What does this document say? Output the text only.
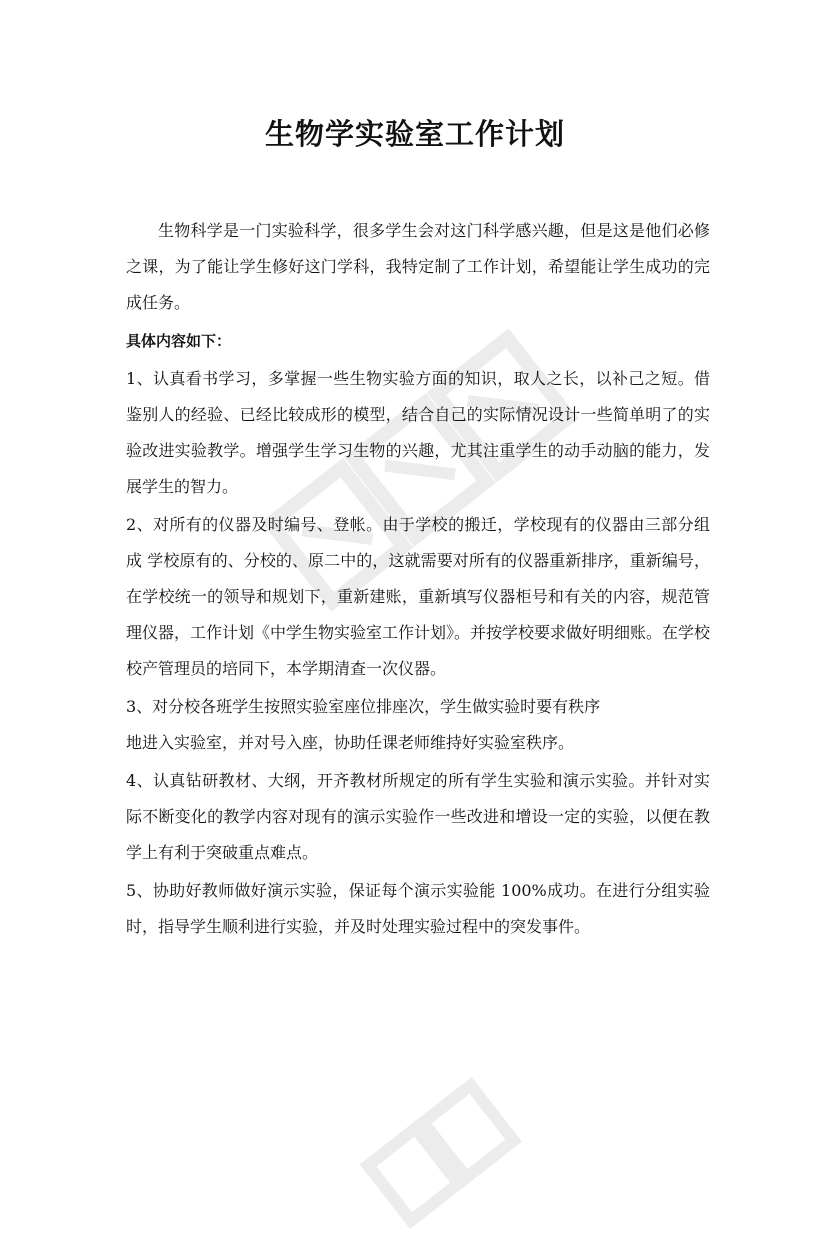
生物学实验室工作计划

生物科学是一门实验科学，很多学生会对这门科学感兴趣，但是这是他们必修之课，为了能让学生修好这门学科，我特定制了工作计划，希望能让学生成功的完成任务。

具体内容如下：

1、认真看书学习，多掌握一些生物实验方面的知识，取人之长，以补己之短。借鉴别人的经验、已经比较成形的模型，结合自己的实际情况设计一些简单明了的实验改进实验教学。增强学生学习生物的兴趣，尤其注重学生的动手动脑的能力，发展学生的智力。

2、对所有的仪器及时编号、登帐。由于学校的搬迁，学校现有的仪器由三部分组成 学校原有的、分校的、原二中的，这就需要对所有的仪器重新排序，重新编号，在学校统一的领导和规划下，重新建账，重新填写仪器柜号和有关的内容，规范管理仪器，工作计划《中学生物实验室工作计划》。并按学校要求做好明细账。在学校校产管理员的培同下，本学期清查一次仪器。

3、对分校各班学生按照实验室座位排座次，学生做实验时要有秩序

地进入实验室，并对号入座，协助任课老师维持好实验室秩序。

4、认真钻研教材、大纲，开齐教材所规定的所有学生实验和演示实验。并针对实际不断变化的教学内容对现有的演示实验作一些改进和增设一定的实验，以便在教学上有利于突破重点难点。

5、协助好教师做好演示实验，保证每个演示实验能 100%成功。在进行分组实验时，指导学生顺利进行实验，并及时处理实验过程中的突发事件。
